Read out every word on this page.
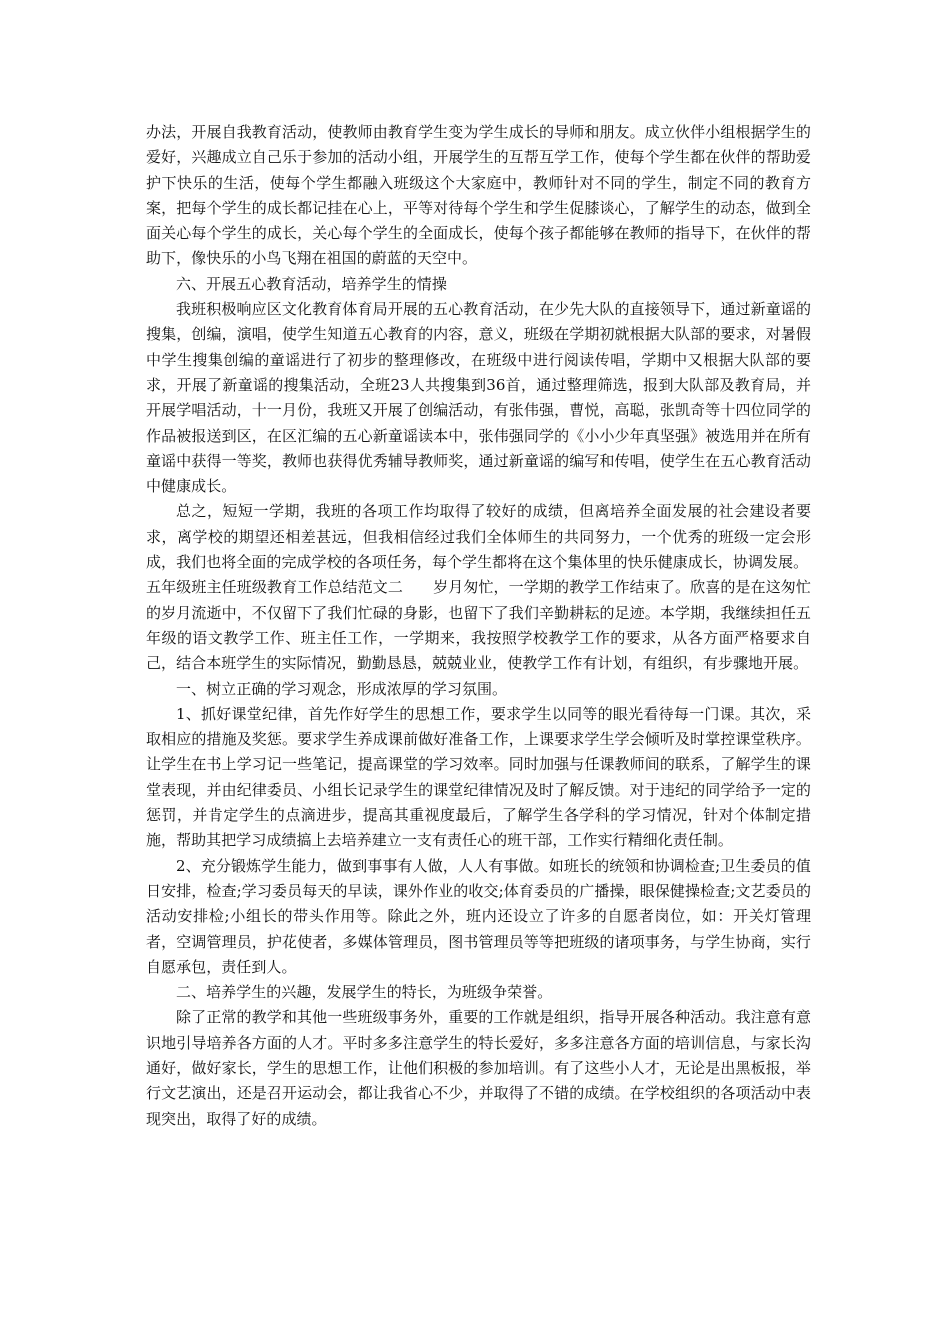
办法，开展自我教育活动，使教师由教育学生变为学生成长的导师和朋友。成立伙伴小组根据学生的爱好，兴趣成立自己乐于参加的活动小组，开展学生的互帮互学工作，使每个学生都在伙伴的帮助爱护下快乐的生活，使每个学生都融入班级这个大家庭中，教师针对不同的学生，制定不同的教育方案，把每个学生的成长都记挂在心上，平等对待每个学生和学生促膝谈心，了解学生的动态，做到全面关心每个学生的成长，关心每个学生的全面成长，使每个孩子都能够在教师的指导下，在伙伴的帮助下，像快乐的小鸟飞翔在祖国的蔚蓝的天空中。

六、开展五心教育活动，培养学生的情操

我班积极响应区文化教育体育局开展的五心教育活动，在少先大队的直接领导下，通过新童谣的搜集，创编，演唱，使学生知道五心教育的内容，意义，班级在学期初就根据大队部的要求，对暑假中学生搜集创编的童谣进行了初步的整理修改，在班级中进行阅读传唱，学期中又根据大队部的要求，开展了新童谣的搜集活动，全班23人共搜集到36首，通过整理筛选，报到大队部及教育局，并开展学唱活动，十一月份，我班又开展了创编活动，有张伟强，曹悦，高聪，张凯奇等十四位同学的作品被报送到区，在区汇编的五心新童谣读本中，张伟强同学的《小小少年真坚强》被选用并在所有童谣中获得一等奖，教师也获得优秀辅导教师奖，通过新童谣的编写和传唱，使学生在五心教育活动中健康成长。

总之，短短一学期，我班的各项工作均取得了较好的成绩，但离培养全面发展的社会建设者要求，离学校的期望还相差甚远，但我相信经过我们全体师生的共同努力，一个优秀的班级一定会形成，我们也将全面的完成学校的各项任务，每个学生都将在这个集体里的快乐健康成长，协调发展。

五年级班主任班级教育工作总结范文二 岁月匆忙，一学期的教学工作结束了。欣喜的是在这匆忙的岁月流逝中，不仅留下了我们忙碌的身影，也留下了我们辛勤耕耘的足迹。本学期，我继续担任五年级的语文教学工作、班主任工作，一学期来，我按照学校教学工作的要求，从各方面严格要求自己，结合本班学生的实际情况，勤勤恳恳，兢兢业业，使教学工作有计划，有组织，有步骤地开展。

一、树立正确的学习观念，形成浓厚的学习氛围。

1、抓好课堂纪律，首先作好学生的思想工作，要求学生以同等的眼光看待每一门课。其次，采取相应的措施及奖惩。要求学生养成课前做好准备工作，上课要求学生学会倾听及时掌控课堂秩序。让学生在书上学习记一些笔记，提高课堂的学习效率。同时加强与任课教师间的联系，了解学生的课堂表现，并由纪律委员、小组长记录学生的课堂纪律情况及时了解反馈。对于违纪的同学给予一定的惩罚，并肯定学生的点滴进步，提高其重视度最后，了解学生各学科的学习情况，针对个体制定措施，帮助其把学习成绩搞上去培养建立一支有责任心的班干部，工作实行精细化责任制。

2、充分锻炼学生能力，做到事事有人做，人人有事做。如班长的统领和协调检查;卫生委员的值日安排，检查;学习委员每天的早读，课外作业的收交;体育委员的广播操，眼保健操检查;文艺委员的活动安排检;小组长的带头作用等。除此之外，班内还设立了许多的自愿者岗位，如：开关灯管理者，空调管理员，护花使者，多媒体管理员，图书管理员等等把班级的诸项事务，与学生协商，实行自愿承包，责任到人。

二、培养学生的兴趣，发展学生的特长，为班级争荣誉。

除了正常的教学和其他一些班级事务外，重要的工作就是组织，指导开展各种活动。我注意有意识地引导培养各方面的人才。平时多多注意学生的特长爱好，多多注意各方面的培训信息，与家长沟通好，做好家长，学生的思想工作，让他们积极的参加培训。有了这些小人才，无论是出黑板报，举行文艺演出，还是召开运动会，都让我省心不少，并取得了不错的成绩。在学校组织的各项活动中表现突出，取得了好的成绩。
